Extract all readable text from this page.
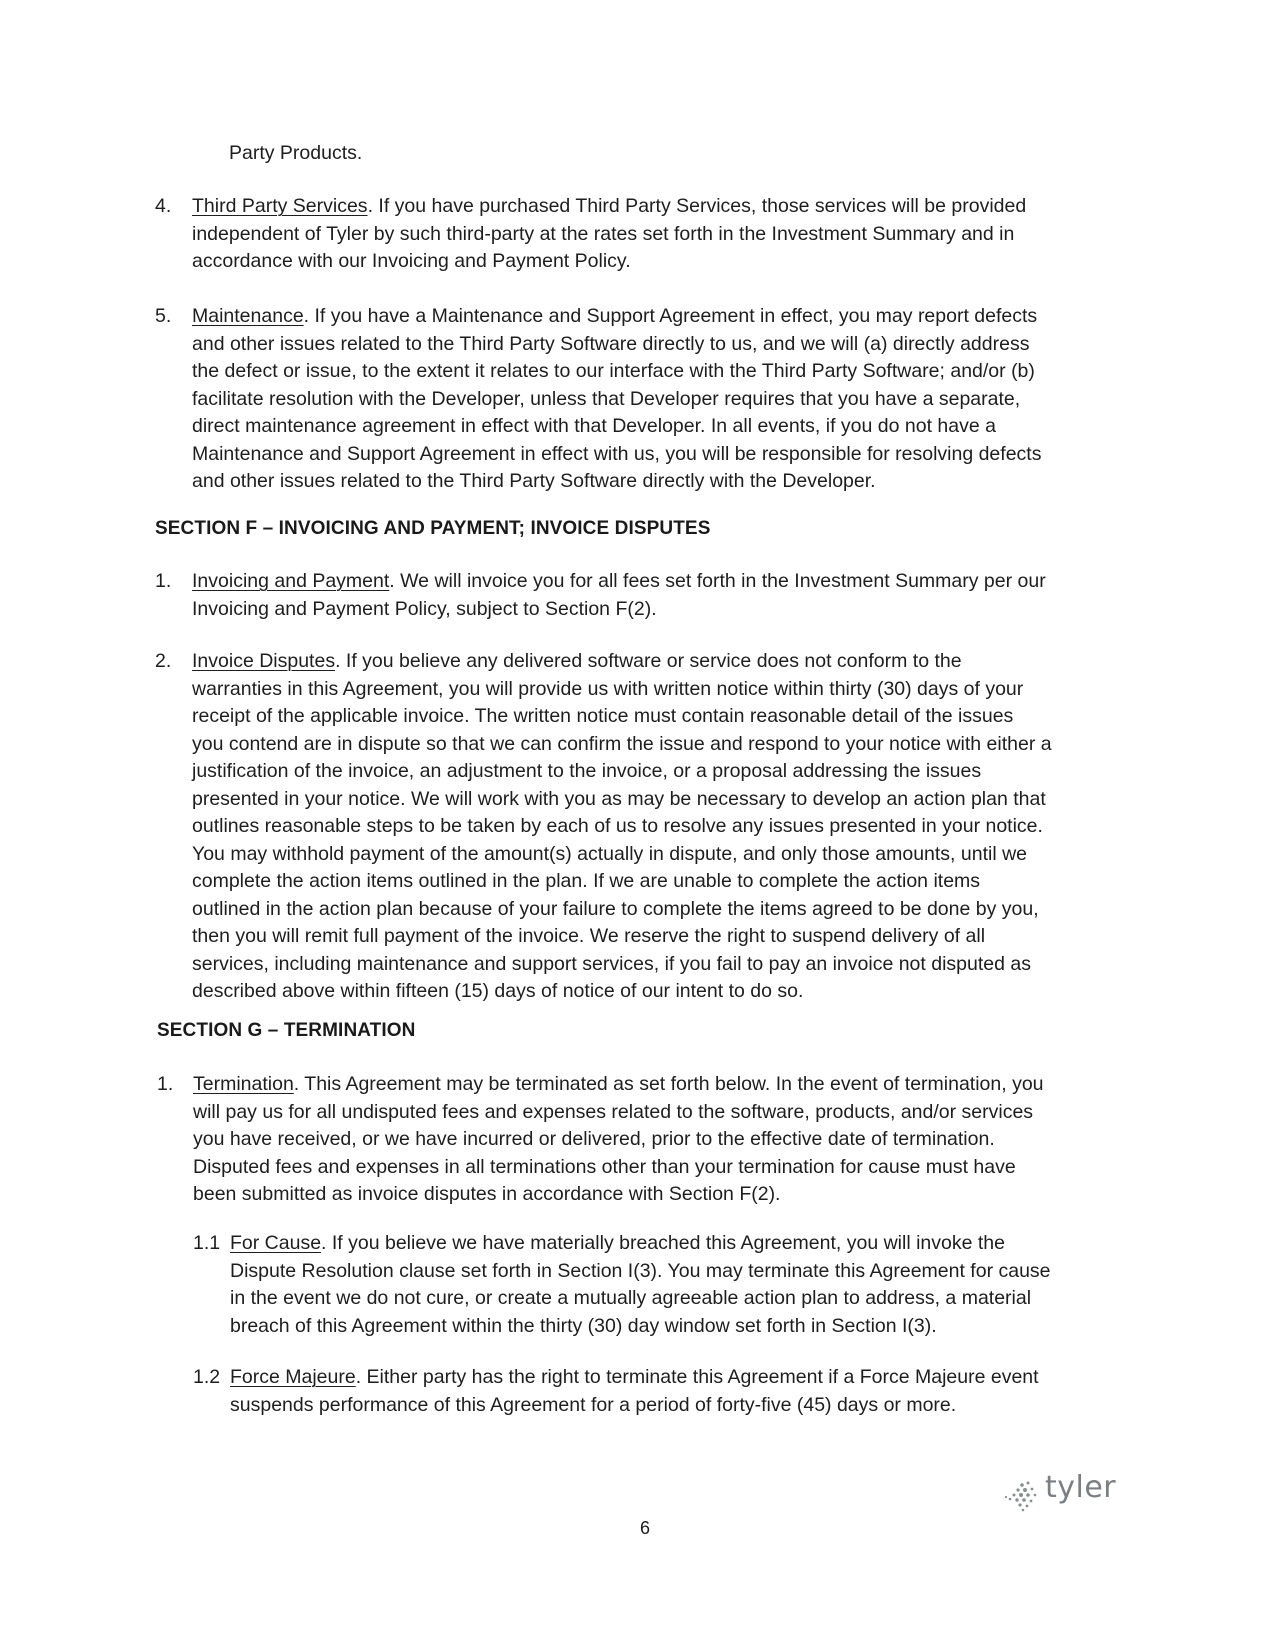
Party Products.
4. Third Party Services. If you have purchased Third Party Services, those services will be provided
independent of Tyler by such third-party at the rates set forth in the Investment Summary and in
accordance with our Invoicing and Payment Policy.
5. Maintenance. If you have a Maintenance and Support Agreement in effect, you may report defects
and other issues related to the Third Party Software directly to us, and we will (a) directly address
the defect or issue, to the extent it relates to our interface with the Third Party Software; and/or (b)
facilitate resolution with the Developer, unless that Developer requires that you have a separate,
direct maintenance agreement in effect with that Developer. In all events, if you do not have a
Maintenance and Support Agreement in effect with us, you will be responsible for resolving defects
and other issues related to the Third Party Software directly with the Developer.
SECTION F – INVOICING AND PAYMENT; INVOICE DISPUTES
1. Invoicing and Payment. We will invoice you for all fees set forth in the Investment Summary per our
Invoicing and Payment Policy, subject to Section F(2).
2. Invoice Disputes. If you believe any delivered software or service does not conform to the
warranties in this Agreement, you will provide us with written notice within thirty (30) days of your
receipt of the applicable invoice. The written notice must contain reasonable detail of the issues
you contend are in dispute so that we can confirm the issue and respond to your notice with either a
justification of the invoice, an adjustment to the invoice, or a proposal addressing the issues
presented in your notice. We will work with you as may be necessary to develop an action plan that
outlines reasonable steps to be taken by each of us to resolve any issues presented in your notice.
You may withhold payment of the amount(s) actually in dispute, and only those amounts, until we
complete the action items outlined in the plan. If we are unable to complete the action items
outlined in the action plan because of your failure to complete the items agreed to be done by you,
then you will remit full payment of the invoice. We reserve the right to suspend delivery of all
services, including maintenance and support services, if you fail to pay an invoice not disputed as
described above within fifteen (15) days of notice of our intent to do so.
SECTION G – TERMINATION
1. Termination. This Agreement may be terminated as set forth below. In the event of termination, you
will pay us for all undisputed fees and expenses related to the software, products, and/or services
you have received, or we have incurred or delivered, prior to the effective date of termination.
Disputed fees and expenses in all terminations other than your termination for cause must have
been submitted as invoice disputes in accordance with Section F(2).
1.1 For Cause. If you believe we have materially breached this Agreement, you will invoke the
Dispute Resolution clause set forth in Section I(3). You may terminate this Agreement for cause
in the event we do not cure, or create a mutually agreeable action plan to address, a material
breach of this Agreement within the thirty (30) day window set forth in Section I(3).
1.2 Force Majeure. Either party has the right to terminate this Agreement if a Force Majeure event
suspends performance of this Agreement for a period of forty-five (45) days or more.
tyler
6
